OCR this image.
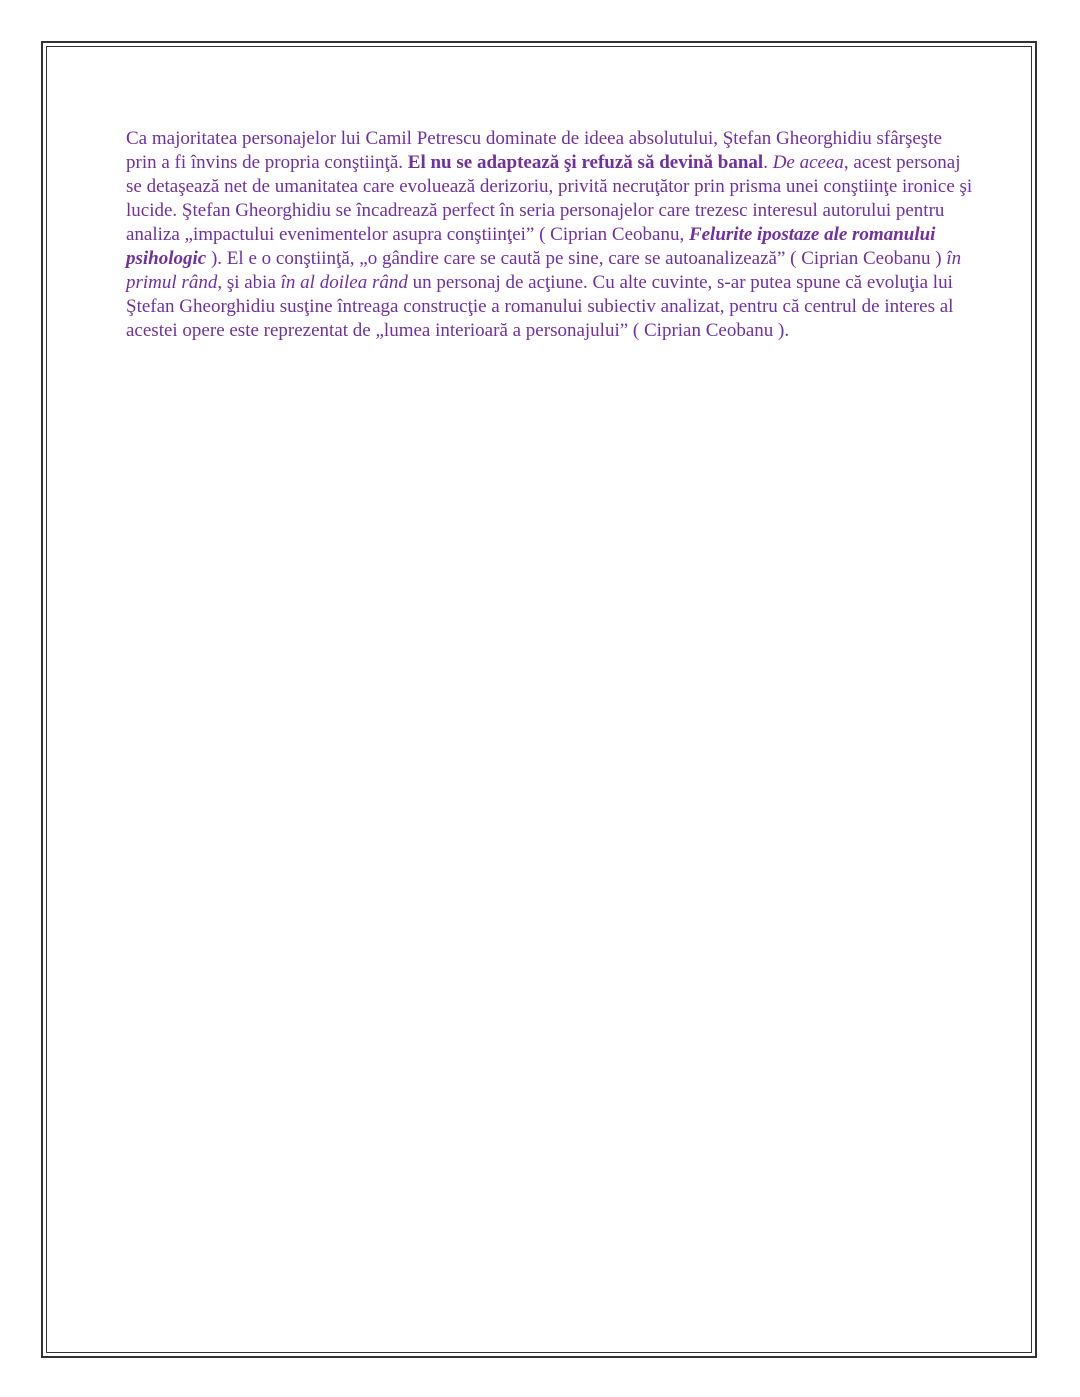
Ca majoritatea personajelor lui Camil Petrescu dominate de ideea absolutului, Ştefan Gheorghidiu sfârşeşte prin a fi învins de propria conştiinţă. El nu se adaptează şi refuză să devină banal. De aceea, acest personaj se detaşează net de umanitatea care evoluează derizoriu, privită necruţător prin prisma unei conştiinţe ironice şi lucide. Ştefan Gheorghidiu se încadrează perfect în seria personajelor care trezesc interesul autorului pentru analiza „impactului evenimentelor asupra conştiinţei” ( Ciprian Ceobanu, Felurite ipostaze ale romanului psihologic ). El e o conştiinţă, „o gândire care se caută pe sine, care se autoanalizează” ( Ciprian Ceobanu ) în primul rând, şi abia în al doilea rând un personaj de acţiune. Cu alte cuvinte, s-ar putea spune că evoluţia lui Ştefan Gheorghidiu susţine întreaga construcţie a romanului subiectiv analizat, pentru că centrul de interes al acestei opere este reprezentat de „lumea interioară a personajului” ( Ciprian Ceobanu ).
